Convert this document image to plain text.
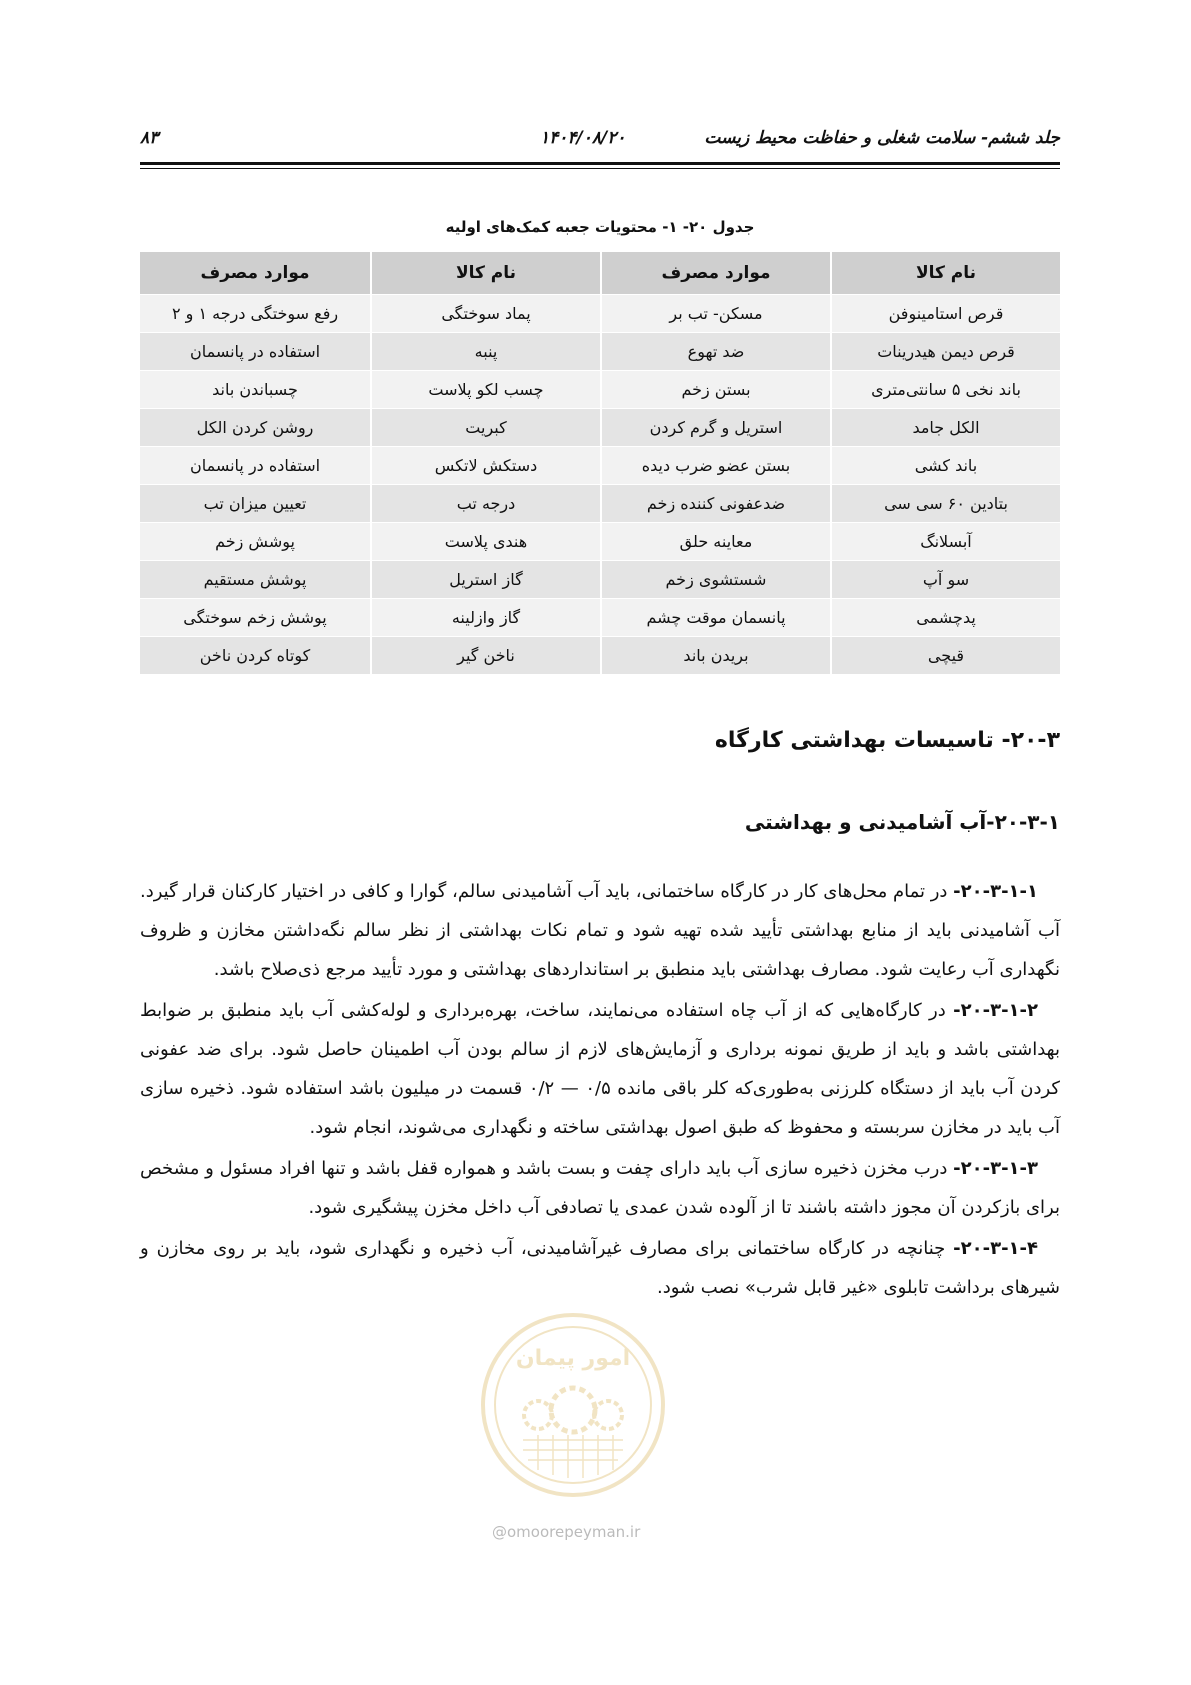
۸۳	۱۴۰۴/۰۸/۲۰	جلد ششم- سلامت شغلی و حفاظت محیط زیست
جدول ۲۰- ۱- محتویات جعبه کمک‌های اولیه
نام کالا	موارد مصرف	نام کالا	موارد مصرف
قرص استامینوفن	مسکن- تب بر	پماد سوختگی	رفع سوختگی درجه ۱ و ۲
قرص دیمن هیدرینات	ضد تهوع	پنبه	استفاده در پانسمان
باند نخی ۵ سانتی‌متری	بستن زخم	چسب لکو پلاست	چسباندن باند
الکل جامد	استریل و گرم کردن	کبریت	روشن کردن الکل
باند کشی	بستن عضو ضرب دیده	دستکش لاتکس	استفاده در پانسمان
بتادین ۶۰ سی سی	ضدعفونی کننده زخم	درجه تب	تعیین میزان تب
آبسلانگ	معاینه حلق	هندی پلاست	پوشش زخم
سو آپ	شستشوی زخم	گاز استریل	پوشش مستقیم
پدچشمی	پانسمان موقت چشم	گاز وازلینه	پوشش زخم سوختگی
قیچی	بریدن باند	ناخن گیر	کوتاه کردن ناخن
۲۰-۳- تاسیسات بهداشتی کارگاه
۲۰-۳-۱-آب آشامیدنی و بهداشتی

۲۰-۳-۱-۱- در تمام محل‌های کار در کارگاه ساختمانی، باید آب آشامیدنی سالم، گوارا و کافی در اختیار کارکنان قرار گیرد. آب آشامیدنی باید از منابع بهداشتی تأیید شده تهیه شود و تمام نکات بهداشتی از نظر سالم نگه‌داشتن مخازن و ظروف نگهداری آب رعایت شود. مصارف بهداشتی باید منطبق بر استانداردهای بهداشتی و مورد تأیید مرجع ذی‌صلاح باشد.

۲۰-۳-۱-۲- در کارگاه‌هایی که از آب چاه استفاده می‌نمایند، ساخت، بهره‌برداری و لوله‌کشی آب باید منطبق بر ضوابط بهداشتی باشد و باید از طریق نمونه برداری و آزمایش‌های لازم از سالم بودن آب اطمینان حاصل شود. برای ضد عفونی کردن آب باید از دستگاه کلرزنی به‌طوری‌که کلر باقی مانده ۰/۵ — ۰/۲ قسمت در میلیون باشد استفاده شود. ذخیره سازی آب باید در مخازن سربسته و محفوظ که طبق اصول بهداشتی ساخته و نگهداری می‌شوند، انجام شود.

۲۰-۳-۱-۳- درب مخزن ذخیره سازی آب باید دارای چفت و بست باشد و همواره قفل باشد و تنها افراد مسئول و مشخص برای بازکردن آن مجوز داشته باشند تا از آلوده شدن عمدی یا تصادفی آب داخل مخزن پیشگیری شود.

۲۰-۳-۱-۴- چنانچه در کارگاه ساختمانی برای مصارف غیرآشامیدنی، آب ذخیره و نگهداری شود، باید بر روی مخازن و شیرهای برداشت تابلوی «غیر قابل شرب» نصب شود.

امور پیمان
@omoorepeyman.ir
